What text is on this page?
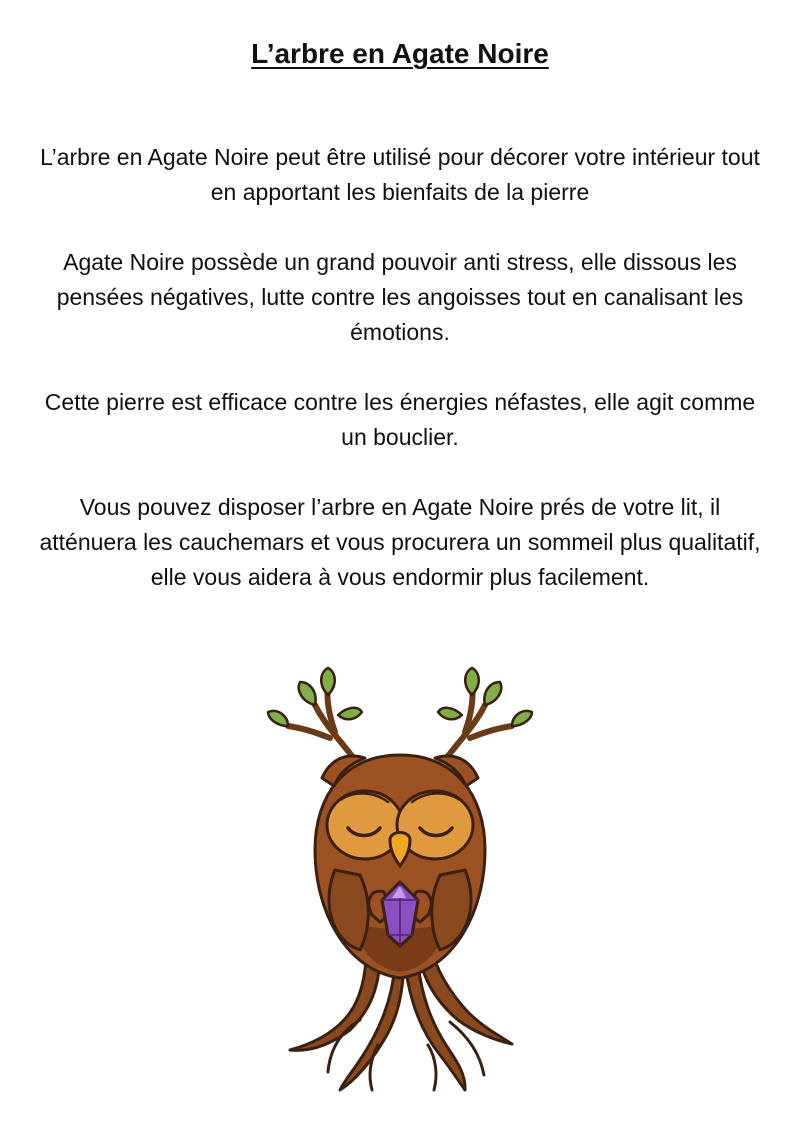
L’arbre en Agate Noire

L’arbre en Agate Noire peut être utilisé pour décorer votre intérieur tout en apportant les bienfaits de la pierre

Agate Noire possède un grand pouvoir anti stress, elle dissous les pensées négatives, lutte contre les angoisses tout en canalisant les émotions.

Cette pierre est efficace contre les énergies néfastes, elle agit comme un bouclier.

Vous pouvez disposer l’arbre en Agate Noire prés de votre lit, il atténuera les cauchemars et vous procurera un sommeil plus qualitatif, elle vous aidera à vous endormir plus facilement.
